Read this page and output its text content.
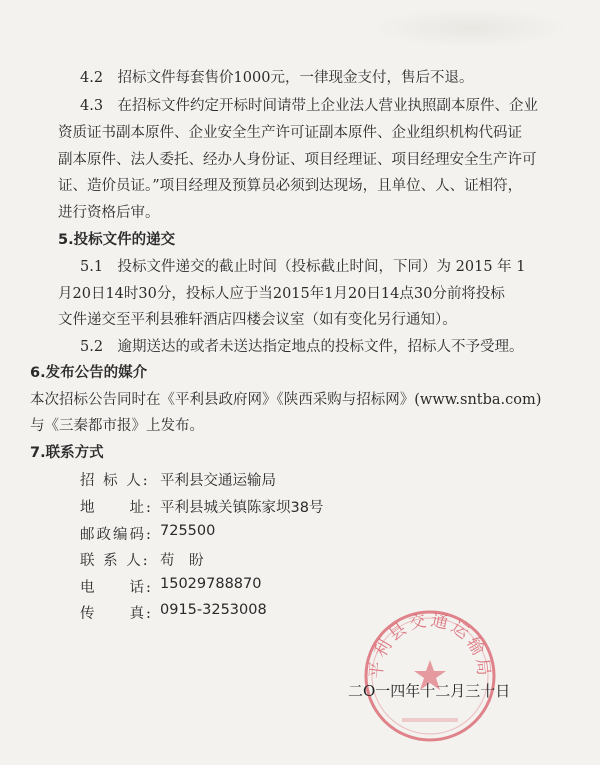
4.2　招标文件每套售价1000元，一律现金支付，售后不退。
4.3　在招标文件约定开标时间请带上企业法人营业执照副本原件、企业
资质证书副本原件、企业安全生产许可证副本原件、企业组织机构代码证
副本原件、法人委托、经办人身份证、项目经理证、项目经理安全生产许可
证、造价员证。”项目经理及预算员必须到达现场，且单位、人、证相符，
进行资格后审。
5.投标文件的递交
5.1　投标文件递交的截止时间（投标截止时间，下同）为 2015 年 1
月20日14时30分，投标人应于当2015年1月20日14点30分前将投标
文件递交至平利县雅轩酒店四楼会议室（如有变化另行通知）。
5.2　逾期送达的或者未送达指定地点的投标文件，招标人不予受理。
6.发布公告的媒介
本次招标公告同时在《平利县政府网》《陕西采购与招标网》(www.sntba.com)
与《三秦都市报》上发布。
7.联系方式
招 标 人: 平利县交通运输局
地　　址: 平利县城关镇陈家坝38号
邮政编码: 725500
联 系 人: 苟　盼
电　　话: 15029788870
传　　真: 0915-3253008
平利县交通运输局
二O一四年十二月三十日
